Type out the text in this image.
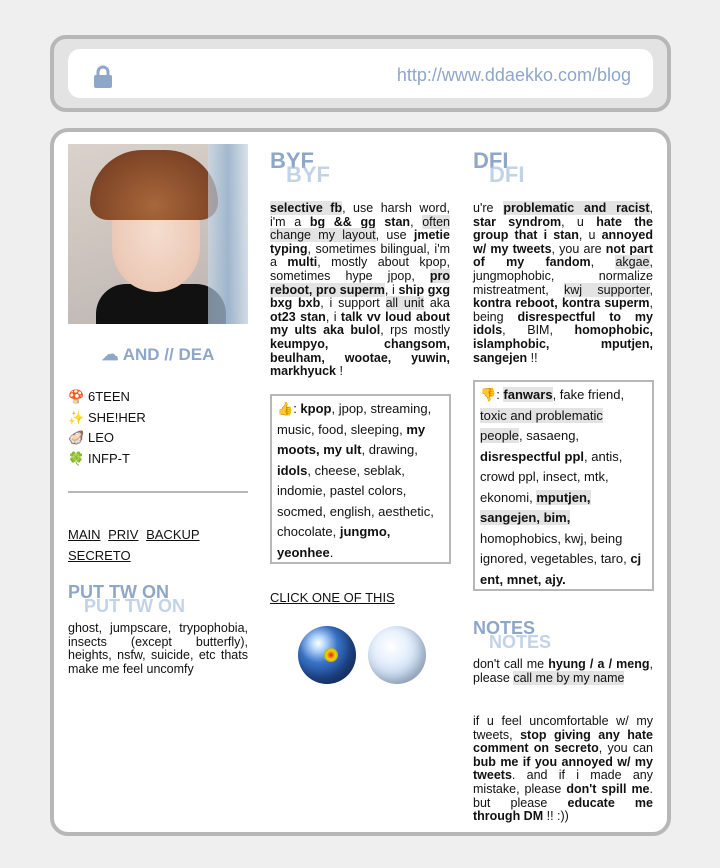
http://www.ddaekko.com/blog
☁ AND // DEA
🍄 6TEEN
✨ SHE!HER
🦪 LEO
🍀 INFP-T
MAIN PRIV BACKUP
SECRETO
PUT TW ON
PUT TW ON
ghost, jumpscare, trypophobia, insects (except butterfly), heights, nsfw, suicide, etc thats make me feel uncomfy
BYF
BYF
selective fb, use harsh word, i'm a bg && gg stan, often change my layout, use jmetie typing, sometimes bilingual, i'm a multi, mostly about kpop, sometimes hype jpop, pro reboot, pro superm, i ship gxg bxg bxb, i support all unit aka ot23 stan, i talk vv loud about my ults aka bulol, rps mostly keumpyo, changsom, beulham, wootae, yuwin, markhyuck !
👍: kpop, jpop, streaming, music, food, sleeping, my moots, my ult, drawing, idols, cheese, seblak, indomie, pastel colors, socmed, english, aesthetic, chocolate, jungmo, yeonhee.
CLICK ONE OF THIS
DFI
DFI
u're problematic and racist, star syndrom, u hate the group that i stan, u annoyed w/ my tweets, you are not part of my fandom, akgae, jungmophobic, normalize mistreatment, kwj supporter, kontra reboot, kontra superm, being disrespectful to my idols, BIM, homophobic, islamphobic, mputjen, sangejen !!
👎: fanwars, fake friend, toxic and problematic people, sasaeng, disrespectful ppl, antis, crowd ppl, insect, mtk, ekonomi, mputjen, sangejen, bim, homophobics, kwj, being ignored, vegetables, taro, cj ent, mnet, ajy.
NOTES
NOTES
don't call me hyung / a / meng, please call me by my name
if u feel uncomfortable w/ my tweets, stop giving any hate comment on secreto, you can bub me if you annoyed w/ my tweets. and if i made any mistake, please don't spill me. but please educate me through DM !! :))
